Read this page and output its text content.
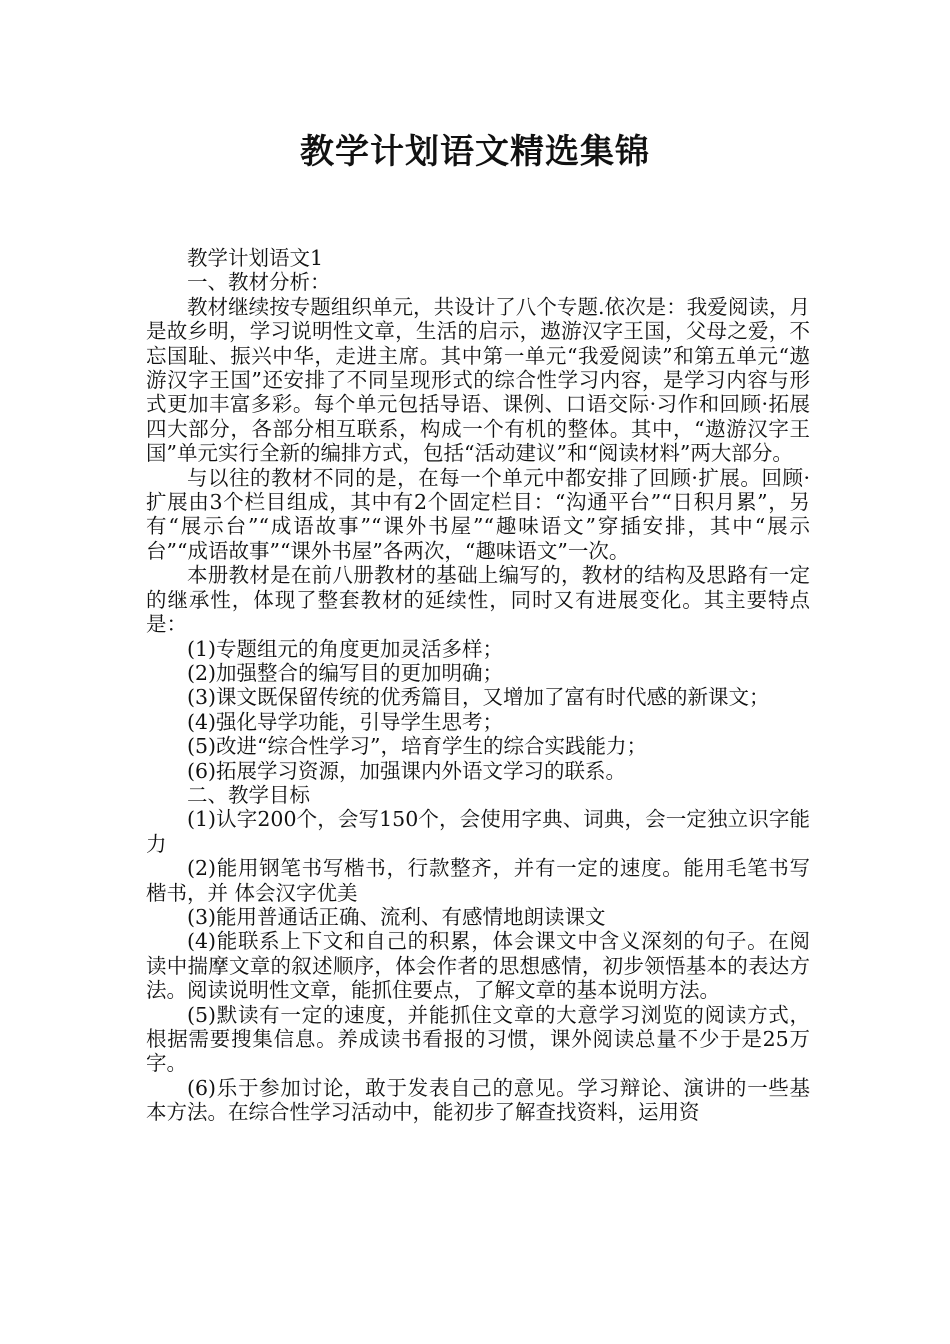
教学计划语文精选集锦

教学计划语文1

一、教材分析：

教材继续按专题组织单元，共设计了八个专题.依次是：我爱阅读，月是故乡明，学习说明性文章，生活的启示，遨游汉字王国，父母之爱，不忘国耻、振兴中华，走进主席。其中第一单元“我爱阅读”和第五单元“遨游汉字王国”还安排了不同呈现形式的综合性学习内容，是学习内容与形式更加丰富多彩。每个单元包括导语、课例、口语交际·习作和回顾·拓展四大部分，各部分相互联系，构成一个有机的整体。其中，“遨游汉字王国”单元实行全新的编排方式，包括“活动建议”和“阅读材料”两大部分。

与以往的教材不同的是，在每一个单元中都安排了回顾·扩展。回顾·扩展由3个栏目组成，其中有2个固定栏目：“沟通平台”“日积月累”，另有“展示台”“成语故事”“课外书屋”“趣味语文”穿插安排，其中“展示台”“成语故事”“课外书屋”各两次，“趣味语文”一次。

本册教材是在前八册教材的基础上编写的，教材的结构及思路有一定的继承性，体现了整套教材的延续性，同时又有进展变化。其主要特点是：

(1)专题组元的角度更加灵活多样；

(2)加强整合的编写目的更加明确；

(3)课文既保留传统的优秀篇目，又增加了富有时代感的新课文；

(4)强化导学功能，引导学生思考；

(5)改进“综合性学习”，培育学生的综合实践能力；

(6)拓展学习资源，加强课内外语文学习的联系。

二、教学目标

(1)认字200个，会写150个，会使用字典、词典，会一定独立识字能力

(2)能用钢笔书写楷书，行款整齐，并有一定的速度。能用毛笔书写楷书，并 体会汉字优美

(3)能用普通话正确、流利、有感情地朗读课文

(4)能联系上下文和自己的积累，体会课文中含义深刻的句子。在阅读中揣摩文章的叙述顺序，体会作者的思想感情，初步领悟基本的表达方法。阅读说明性文章，能抓住要点，了解文章的基本说明方法。

(5)默读有一定的速度，并能抓住文章的大意学习浏览的阅读方式，根据需要搜集信息。养成读书看报的习惯，课外阅读总量不少于是25万字。

(6)乐于参加讨论，敢于发表自己的意见。学习辩论、演讲的一些基本方法。在综合性学习活动中，能初步了解查找资料，运用资
